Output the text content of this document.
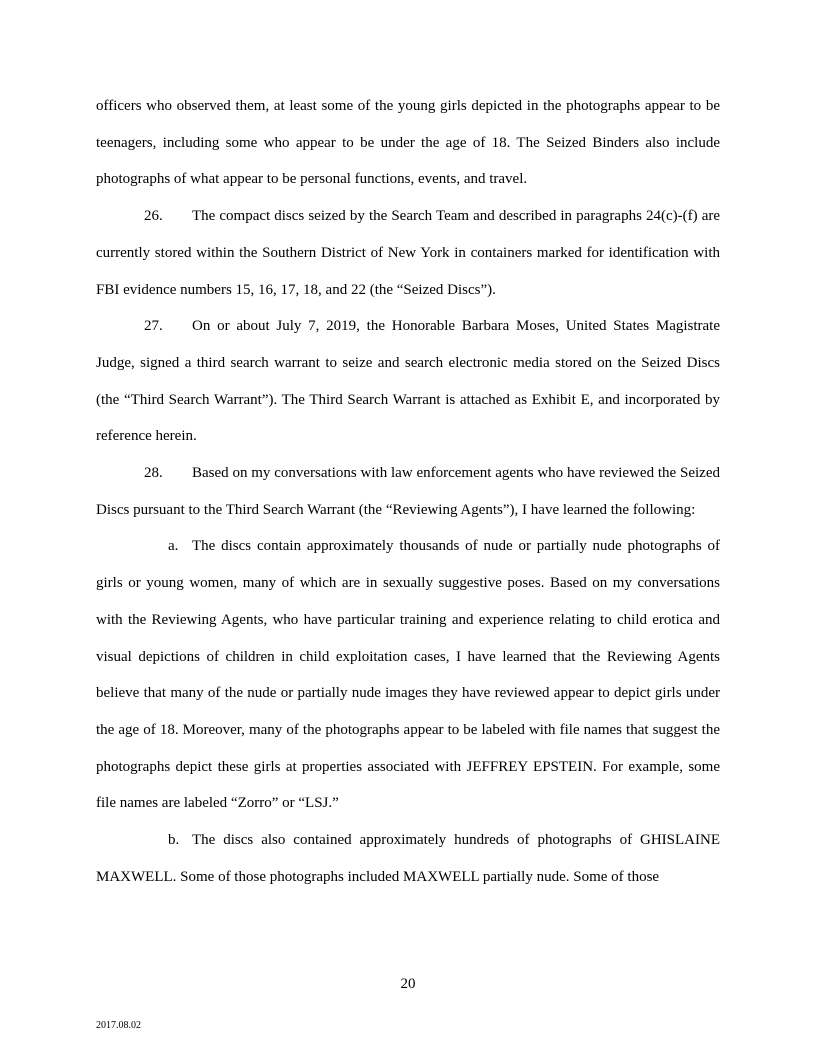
officers who observed them, at least some of the young girls depicted in the photographs appear to be teenagers, including some who appear to be under the age of 18. The Seized Binders also include photographs of what appear to be personal functions, events, and travel.

26. The compact discs seized by the Search Team and described in paragraphs 24(c)-(f) are currently stored within the Southern District of New York in containers marked for identification with FBI evidence numbers 15, 16, 17, 18, and 22 (the “Seized Discs”).

27. On or about July 7, 2019, the Honorable Barbara Moses, United States Magistrate Judge, signed a third search warrant to seize and search electronic media stored on the Seized Discs (the “Third Search Warrant”). The Third Search Warrant is attached as Exhibit E, and incorporated by reference herein.

28. Based on my conversations with law enforcement agents who have reviewed the Seized Discs pursuant to the Third Search Warrant (the “Reviewing Agents”), I have learned the following:

a. The discs contain approximately thousands of nude or partially nude photographs of girls or young women, many of which are in sexually suggestive poses. Based on my conversations with the Reviewing Agents, who have particular training and experience relating to child erotica and visual depictions of children in child exploitation cases, I have learned that the Reviewing Agents believe that many of the nude or partially nude images they have reviewed appear to depict girls under the age of 18. Moreover, many of the photographs appear to be labeled with file names that suggest the photographs depict these girls at properties associated with JEFFREY EPSTEIN. For example, some file names are labeled “Zorro” or “LSJ.”

b. The discs also contained approximately hundreds of photographs of GHISLAINE MAXWELL. Some of those photographs included MAXWELL partially nude. Some of those

20
2017.08.02
